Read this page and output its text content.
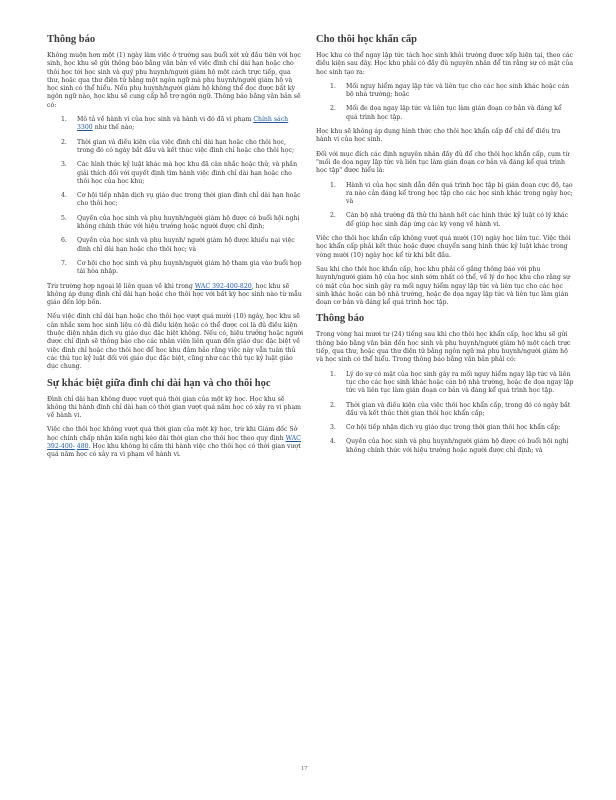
Thông báo

Không muộn hơn một (1) ngày làm việc ở trường sau buổi xét xử đầu tiên với học sinh, học khu sẽ gửi thông báo bằng văn bản về việc đình chỉ dài hạn hoặc cho thôi học tới học sinh và quý phụ huynh/người giám hộ một cách trực tiếp, qua thư, hoặc qua thư điện tử bằng một ngôn ngữ mà phụ huynh/người giám hộ và học sinh có thể hiểu. Nếu phụ huynh/người giám hộ không thể đọc được bất kỳ ngôn ngữ nào, học khu sẽ cung cấp hỗ trợ ngôn ngữ. Thông báo bằng văn bản sẽ có:

1. Mô tả về hành vi của học sinh và hành vi đó đã vi phạm Chính sách 3300 như thế nào;
2. Thời gian và điều kiện của việc đình chỉ dài hạn hoặc cho thôi học, trong đó có ngày bắt đầu và kết thúc việc đình chỉ hoặc cho thôi học;
3. Các hình thức kỷ luật khác mà học khu đã cân nhắc hoặc thử, và phần giải thích đối với quyết định tìm hành việc đình chỉ dài hạn hoặc cho thôi học của học khu;
4. Cơ hội tiếp nhận dịch vụ giáo dục trong thời gian đình chỉ dài hạn hoặc cho thôi học;
5. Quyền của học sinh và phụ huynh/người giám hộ được có buổi hội nghị không chính thức với hiệu trưởng hoặc người được chỉ định;
6. Quyền của học sinh và phụ huynh/ người giám hộ được khiếu nại việc đình chỉ dài hạn hoặc cho thôi học; và
7. Cơ hội cho học sinh và phụ huynh/người giám hộ tham gia vào buổi họp tái hòa nhập.

Trừ trường hợp ngoại lệ liên quan về khi trong WAC 392-400-820, học khu sẽ không áp dụng đình chỉ dài hạn hoặc cho thôi học với bất kỳ học sinh nào từ mẫu giáo đến lớp bốn.

Nếu việc đình chỉ dài hạn hoặc cho thôi học vượt quá mười (10) ngày, học khu sẽ cân nhắc xem học sinh liệu có đủ điều kiện hoặc có thể được coi là đủ điều kiện thuộc diện nhận dịch vụ giáo dục đặc biệt không. Nếu có, hiệu trưởng hoặc người được chỉ định sẽ thông báo cho các nhân viên liên quan đến giáo dục đặc biệt về việc đình chỉ hoặc cho thôi học để học khu đảm bảo rằng việc này vẫn tuân thủ các thủ tục kỷ luật đối với giáo dục đặc biệt, cũng như các thủ tục kỷ luật giáo dục chung.

Sự khác biệt giữa đình chỉ dài hạn và cho thôi học

Đình chỉ dài hạn không được vượt quá thời gian của một kỳ học. Học khu sẽ không thi hành đình chỉ dài hạn có thời gian vượt quá năm học có xảy ra vi phạm về hành vi.

Việc cho thôi học không vượt quá thời gian của một kỳ học, trừ khi Giám đốc Sở học chính chấp nhận kiến nghị kéo dài thời gian cho thôi học theo quy định WAC 392-400- 480. Học khu không bị cấm thi hành việc cho thôi học có thời gian vượt quá năm học có xảy ra vi phạm về hành vi.

Cho thôi học khẩn cấp

Học khu có thể ngay lập tức tách học sinh khỏi trường được xếp hiện tại, theo các điều kiện sau đây. Học khu phải có đầy đủ nguyên nhân để tin rằng sự có mặt của học sinh tạo ra:

1. Mối nguy hiểm ngay lập tức và liên tục cho các học sinh khác hoặc cán bộ nhà trường; hoặc
2. Mối đe dọa ngay lập tức và liên tục làm gián đoạn cơ bản và đáng kể quá trình học tập.

Học khu sẽ không áp dụng hình thức cho thôi học khẩn cấp để chỉ để điều tra hành vi của học sinh.

Đối với mục đích các định nguyên nhân đầy đủ để cho thôi học khẩn cấp, cụm từ "mối đe dọa ngay lập tức và liên tục làm gián đoạn cơ bản và đáng kể quá trình học tập" được hiểu là:

1. Hành vi của học sinh dẫn đến quá trình học tập bị gián đoạn cực độ, tạo ra nào cản đáng kể trong học tập cho các học sinh khác trong ngày học; và
2. Cán bộ nhà trường đã thử thi hành hết các hình thức kỷ luật có lý khác để giúp học sinh đáp ứng các kỳ vọng về hành vi.

Việc cho thôi học khẩn cấp không vượt quá mười (10) ngày học liên tục. Việc thôi học khẩn cấp phải kết thúc hoặc được chuyển sang hình thức kỷ luật khác trong vòng mười (10) ngày học kể từ khi bắt đầu.

Sau khi cho thôi học khẩn cấp, học khu phải cố gắng thông báo với phụ huynh/người giám hộ của học sinh sớm nhất có thể, về lý do học khu cho rằng sự có mặt của học sinh gây ra mối nguy hiểm ngay lập tức và liên tục cho các học sinh khác hoặc cán bộ nhà trường, hoặc đe dọa ngay lập tức và liên tục làm gián đoạn cơ bản và đáng kể quá trình học tập.

Thông báo

Trong vòng hai mươi tư (24) tiếng sau khi cho thôi học khẩn cấp, học khu sẽ gửi thông báo bằng văn bản đến học sinh và phụ huynh/người giám hộ một cách trực tiếp, qua thư, hoặc qua thư điện tử bằng ngôn ngữ mà phụ huynh/người giám hộ và học sinh có thể hiểu. Trong thông báo bằng văn bản phải có:

1. Lý do sự có mặt của học sinh gây ra mối nguy hiểm ngay lập tức và liên tục cho các học sinh khác hoặc cán bộ nhà trường, hoặc đe dọa ngay lập tức và liên tục làm gián đoạn cơ bản và đáng kể quá trình học tập.
2. Thời gian và điều kiện của việc thôi học khẩn cấp, trong đó có ngày bắt đầu và kết thúc thời gian thôi học khẩn cấp;
3. Cơ hội tiếp nhận dịch vụ giáo dục trong thời gian thôi học khẩn cấp;
4. Quyền của học sinh và phụ huynh/người giám hộ được có buổi hội nghị không chính thức với hiệu trưởng hoặc người được chỉ định; và
17
